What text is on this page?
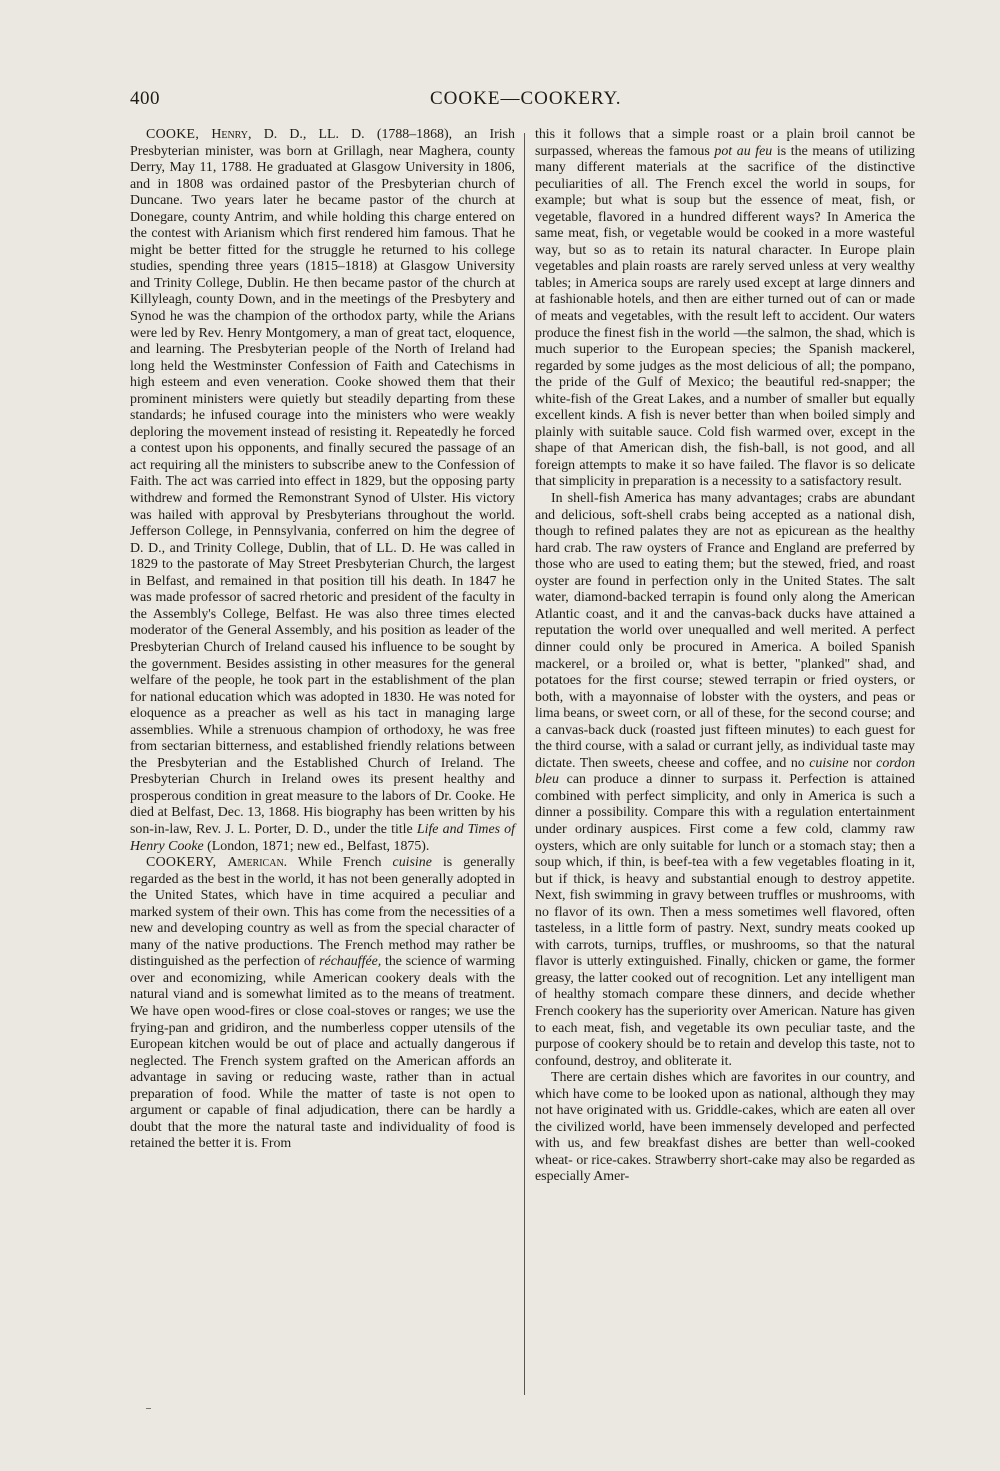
400	COOKE—COOKERY.

COOKE, Henry, D. D., LL. D. (1788–1868), an Irish Presbyterian minister, was born at Grillagh, near Maghera, county Derry, May 11, 1788. He graduated at Glasgow University in 1806, and in 1808 was ordained pastor of the Presbyterian church of Duncane. Two years later he became pastor of the church at Donegare, county Antrim, and while holding this charge entered on the contest with Arianism which first rendered him famous. That he might be better fitted for the struggle he returned to his college studies, spending three years (1815–1818) at Glasgow University and Trinity College, Dublin. He then became pastor of the church at Killyleagh, county Down, and in the meetings of the Presbytery and Synod he was the champion of the orthodox party, while the Arians were led by Rev. Henry Montgomery, a man of great tact, eloquence, and learning. The Presbyterian people of the North of Ireland had long held the Westminster Confession of Faith and Catechisms in high esteem and even veneration. Cooke showed them that their prominent ministers were quietly but steadily departing from these standards; he infused courage into the ministers who were weakly deploring the movement instead of resisting it. Repeatedly he forced a contest upon his opponents, and finally secured the passage of an act requiring all the ministers to subscribe anew to the Confession of Faith. The act was carried into effect in 1829, but the opposing party withdrew and formed the Remonstrant Synod of Ulster. His victory was hailed with approval by Presbyterians throughout the world. Jefferson College, in Pennsylvania, conferred on him the degree of D. D., and Trinity College, Dublin, that of LL. D. He was called in 1829 to the pastorate of May Street Presbyterian Church, the largest in Belfast, and remained in that position till his death. In 1847 he was made professor of sacred rhetoric and president of the faculty in the Assembly's College, Belfast. He was also three times elected moderator of the General Assembly, and his position as leader of the Presbyterian Church of Ireland caused his influence to be sought by the government. Besides assisting in other measures for the general welfare of the people, he took part in the establishment of the plan for national education which was adopted in 1830. He was noted for eloquence as a preacher as well as his tact in managing large assemblies. While a strenuous champion of orthodoxy, he was free from sectarian bitterness, and established friendly relations between the Presbyterian and the Established Church of Ireland. The Presbyterian Church in Ireland owes its present healthy and prosperous condition in great measure to the labors of Dr. Cooke. He died at Belfast, Dec. 13, 1868. His biography has been written by his son-in-law, Rev. J. L. Porter, D. D., under the title Life and Times of Henry Cooke (London, 1871; new ed., Belfast, 1875).

COOKERY, American. While French cuisine is generally regarded as the best in the world, it has not been generally adopted in the United States, which have in time acquired a peculiar and marked system of their own. This has come from the necessities of a new and developing country as well as from the special character of many of the native productions. The French method may rather be distinguished as the perfection of réchauffée, the science of warming over and economizing, while American cookery deals with the natural viand and is somewhat limited as to the means of treatment. We have open wood-fires or close coal-stoves or ranges; we use the frying-pan and gridiron, and the numberless copper utensils of the European kitchen would be out of place and actually dangerous if neglected. The French system grafted on the American affords an advantage in saving or reducing waste, rather than in actual preparation of food. While the matter of taste is not open to argument or capable of final adjudication, there can be hardly a doubt that the more the natural taste and individuality of food is retained the better it is. From

this it follows that a simple roast or a plain broil cannot be surpassed, whereas the famous pot au feu is the means of utilizing many different materials at the sacrifice of the distinctive peculiarities of all. The French excel the world in soups, for example; but what is soup but the essence of meat, fish, or vegetable, flavored in a hundred different ways? In America the same meat, fish, or vegetable would be cooked in a more wasteful way, but so as to retain its natural character. In Europe plain vegetables and plain roasts are rarely served unless at very wealthy tables; in America soups are rarely used except at large dinners and at fashionable hotels, and then are either turned out of can or made of meats and vegetables, with the result left to accident. Our waters produce the finest fish in the world —the salmon, the shad, which is much superior to the European species; the Spanish mackerel, regarded by some judges as the most delicious of all; the pompano, the pride of the Gulf of Mexico; the beautiful red-snapper; the white-fish of the Great Lakes, and a number of smaller but equally excellent kinds. A fish is never better than when boiled simply and plainly with suitable sauce. Cold fish warmed over, except in the shape of that American dish, the fish-ball, is not good, and all foreign attempts to make it so have failed. The flavor is so delicate that simplicity in preparation is a necessity to a satisfactory result.

In shell-fish America has many advantages; crabs are abundant and delicious, soft-shell crabs being accepted as a national dish, though to refined palates they are not as epicurean as the healthy hard crab. The raw oysters of France and England are preferred by those who are used to eating them; but the stewed, fried, and roast oyster are found in perfection only in the United States. The salt water, diamond-backed terrapin is found only along the American Atlantic coast, and it and the canvas-back ducks have attained a reputation the world over unequalled and well merited. A perfect dinner could only be procured in America. A boiled Spanish mackerel, or a broiled or, what is better, "planked" shad, and potatoes for the first course; stewed terrapin or fried oysters, or both, with a mayonnaise of lobster with the oysters, and peas or lima beans, or sweet corn, or all of these, for the second course; and a canvas-back duck (roasted just fifteen minutes) to each guest for the third course, with a salad or currant jelly, as individual taste may dictate. Then sweets, cheese and coffee, and no cuisine nor cordon bleu can produce a dinner to surpass it. Perfection is attained combined with perfect simplicity, and only in America is such a dinner a possibility. Compare this with a regulation entertainment under ordinary auspices. First come a few cold, clammy raw oysters, which are only suitable for lunch or a stomach stay; then a soup which, if thin, is beef-tea with a few vegetables floating in it, but if thick, is heavy and substantial enough to destroy appetite. Next, fish swimming in gravy between truffles or mushrooms, with no flavor of its own. Then a mess sometimes well flavored, often tasteless, in a little form of pastry. Next, sundry meats cooked up with carrots, turnips, truffles, or mushrooms, so that the natural flavor is utterly extinguished. Finally, chicken or game, the former greasy, the latter cooked out of recognition. Let any intelligent man of healthy stomach compare these dinners, and decide whether French cookery has the superiority over American. Nature has given to each meat, fish, and vegetable its own peculiar taste, and the purpose of cookery should be to retain and develop this taste, not to confound, destroy, and obliterate it.

There are certain dishes which are favorites in our country, and which have come to be looked upon as national, although they may not have originated with us. Griddle-cakes, which are eaten all over the civilized world, have been immensely developed and perfected with us, and few breakfast dishes are better than well-cooked wheat- or rice-cakes. Strawberry short-cake may also be regarded as especially Amer-
